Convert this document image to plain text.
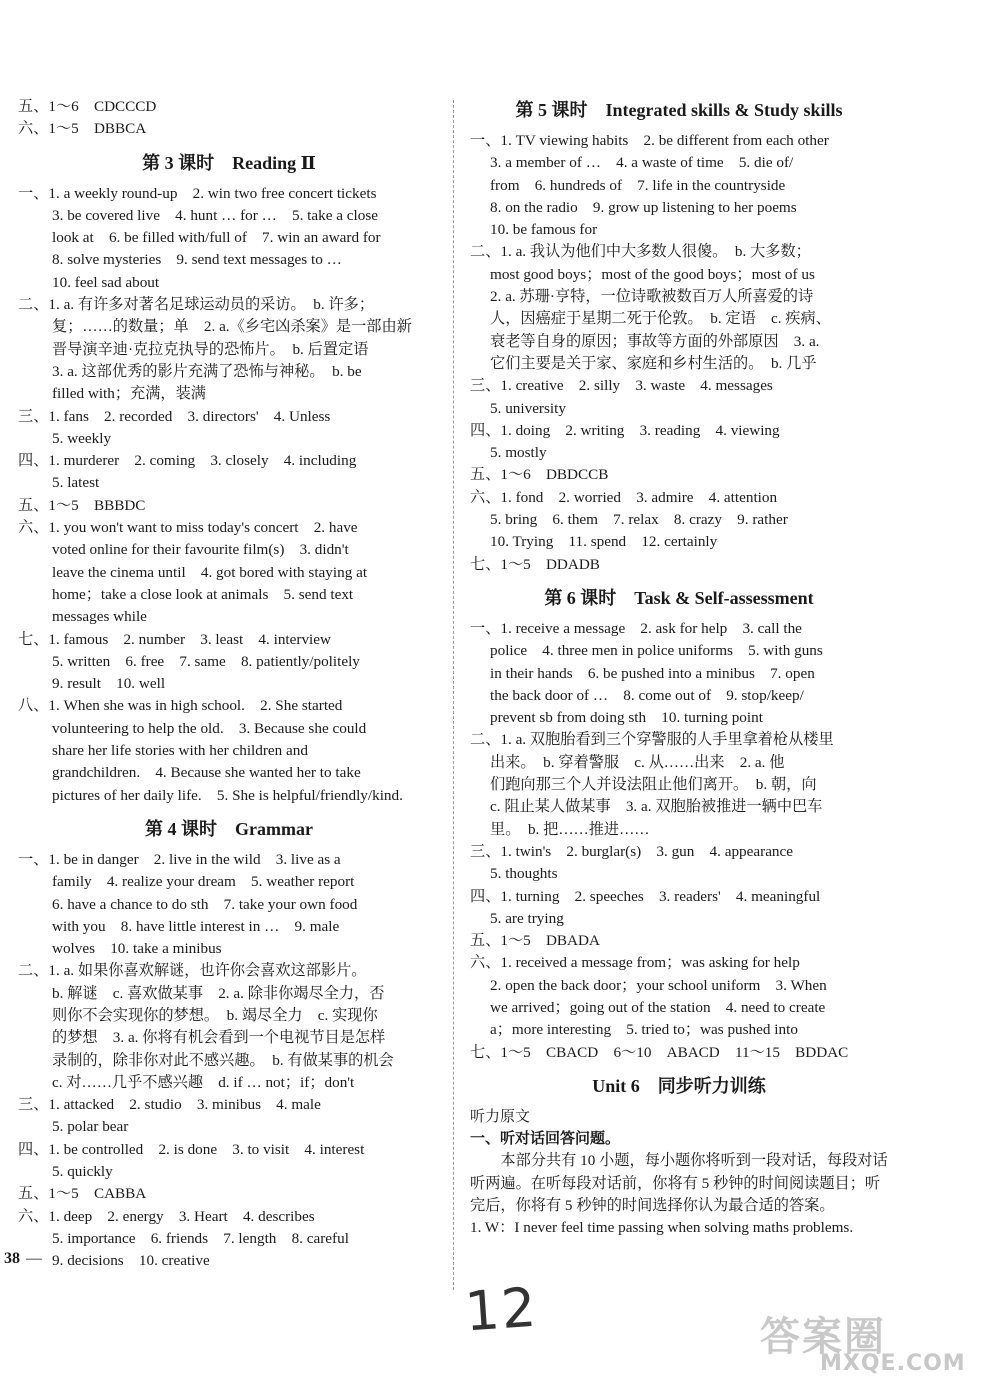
五、1～6　CDCCCD
六、1～5　DBBCA
第 3 课时　Reading Ⅱ
一、1. a weekly round-up　2. win two free concert tickets
3. be covered live　4. hunt … for …　5. take a close
look at　6. be filled with/full of　7. win an award for
8. solve mysteries　9. send text messages to …
10. feel sad about
二、1. a. 有许多对著名足球运动员的采访。　b. 许多；
复；……的数量；单　2. a.《乡宅凶杀案》是一部由新
晋导演辛迪·克拉克执导的恐怖片。　b. 后置定语
3. a. 这部优秀的影片充满了恐怖与神秘。　b. be
filled with；充满，装满
三、1. fans　2. recorded　3. directors'　4. Unless
5. weekly
四、1. murderer　2. coming　3. closely　4. including
5. latest
五、1～5　BBBDC
六、1. you won't want to miss today's concert　2. have
voted online for their favourite film(s)　3. didn't
leave the cinema until　4. got bored with staying at
home；take a close look at animals　5. send text
messages while
七、1. famous　2. number　3. least　4. interview
5. written　6. free　7. same　8. patiently/politely
9. result　10. well
八、1. When she was in high school.　2. She started
volunteering to help the old.　3. Because she could
share her life stories with her children and
grandchildren.　4. Because she wanted her to take
pictures of her daily life.　5. She is helpful/friendly/kind.
第 4 课时　Grammar
一、1. be in danger　2. live in the wild　3. live as a
family　4. realize your dream　5. weather report
6. have a chance to do sth　7. take your own food
with you　8. have little interest in …　9. male
wolves　10. take a minibus
二、1. a. 如果你喜欢解谜，也许你会喜欢这部影片。
b. 解谜　c. 喜欢做某事　2. a. 除非你竭尽全力，否
则你不会实现你的梦想。　b. 竭尽全力　c. 实现你
的梦想　3. a. 你将有机会看到一个电视节目是怎样
录制的，除非你对此不感兴趣。　b. 有做某事的机会
c. 对……几乎不感兴趣　d. if … not；if；don't
三、1. attacked　2. studio　3. minibus　4. male
5. polar bear
四、1. be controlled　2. is done　3. to visit　4. interest
5. quickly
五、1～5　CABBA
六、1. deep　2. energy　3. Heart　4. describes
5. importance　6. friends　7. length　8. careful
9. decisions　10. creative
第 5 课时　Integrated skills & Study skills
一、1. TV viewing habits　2. be different from each other
3. a member of …　4. a waste of time　5. die of/
from　6. hundreds of　7. life in the countryside
8. on the radio　9. grow up listening to her poems
10. be famous for
二、1. a. 我认为他们中大多数人很傻。　b. 大多数；
most good boys；most of the good boys；most of us
2. a. 苏珊·亨特，一位诗歌被数百万人所喜爱的诗
人，因癌症于星期二死于伦敦。　b. 定语　c. 疾病、
衰老等自身的原因；事故等方面的外部原因　3. a.
它们主要是关于家、家庭和乡村生活的。　b. 几乎
三、1. creative　2. silly　3. waste　4. messages
5. university
四、1. doing　2. writing　3. reading　4. viewing
5. mostly
五、1～6　DBDCCB
六、1. fond　2. worried　3. admire　4. attention
5. bring　6. them　7. relax　8. crazy　9. rather
10. Trying　11. spend　12. certainly
七、1～5　DDADB
第 6 课时　Task & Self-assessment
一、1. receive a message　2. ask for help　3. call the
police　4. three men in police uniforms　5. with guns
in their hands　6. be pushed into a minibus　7. open
the back door of …　8. come out of　9. stop/keep/
prevent sb from doing sth　10. turning point
二、1. a. 双胞胎看到三个穿警服的人手里拿着枪从楼里
出来。　b. 穿着警服　c. 从……出来　2. a. 他
们跑向那三个人并设法阻止他们离开。　b. 朝，向
c. 阻止某人做某事　3. a. 双胞胎被推进一辆中巴车
里。　b. 把……推进……
三、1. twin's　2. burglar(s)　3. gun　4. appearance
5. thoughts
四、1. turning　2. speeches　3. readers'　4. meaningful
5. are trying
五、1～5　DBADA
六、1. received a message from；was asking for help
2. open the back door；your school uniform　3. When
we arrived；going out of the station　4. need to create
a；more interesting　5. tried to；was pushed into
七、1～5　CBACD　6～10　ABACD　11～15　BDDAC
Unit 6　同步听力训练
听力原文
一、听对话回答问题。
本部分共有 10 小题，每小题你将听到一段对话，每段对话听两遍。在听每段对话前，你将有 5 秒钟的时间阅读题目；听完后，你将有 5 秒钟的时间选择你认为最合适的答案。
1. W：I never feel time passing when solving maths problems.
38 —
12	答案圈
MXQE.COM
